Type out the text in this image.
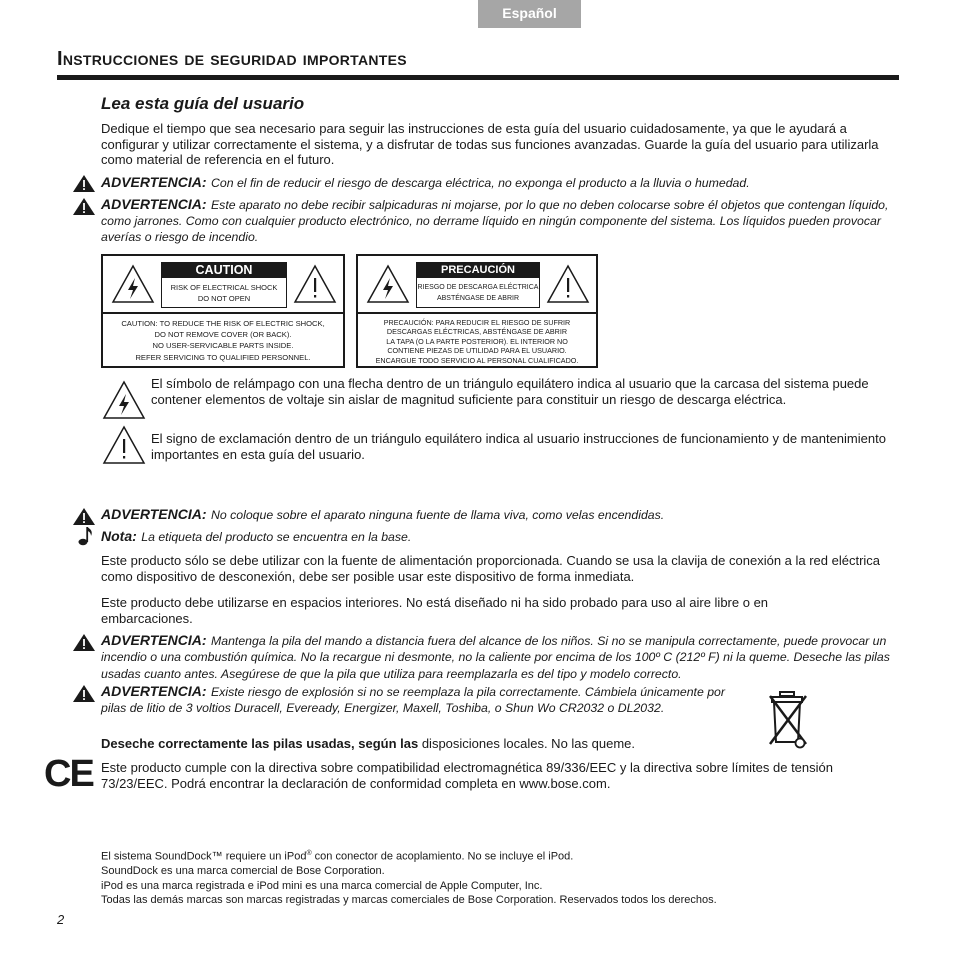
Español
Instrucciones de seguridad importantes
Lea esta guía del usuario
Dedique el tiempo que sea necesario para seguir las instrucciones de esta guía del usuario cuidadosamente, ya que le ayudará a configurar y utilizar correctamente el sistema, y a disfrutar de todas sus funciones avanzadas. Guarde la guía del usuario para utilizarla como material de referencia en el futuro.
ADVERTENCIA: Con el fin de reducir el riesgo de descarga eléctrica, no exponga el producto a la lluvia o humedad.
ADVERTENCIA: Este aparato no debe recibir salpicaduras ni mojarse, por lo que no deben colocarse sobre él objetos que contengan líquido, como jarrones. Como con cualquier producto electrónico, no derrame líquido en ningún componente del sistema. Los líquidos pueden provocar averías o riesgo de incendio.
CAUTION
RISK OF ELECTRICAL SHOCK
DO NOT OPEN
CAUTION: TO REDUCE THE RISK OF ELECTRIC SHOCK,
DO NOT REMOVE COVER (OR BACK).
NO USER-SERVICABLE PARTS INSIDE.
REFER SERVICING TO QUALIFIED PERSONNEL.
PRECAUCIÓN
RIESGO DE DESCARGA ELÉCTRICA
ABSTÉNGASE DE ABRIR
PRECAUCIÓN: PARA REDUCIR EL RIESGO DE SUFRIR
DESCARGAS ELÉCTRICAS, ABSTÉNGASE DE ABRIR
LA TAPA (O LA PARTE POSTERIOR). EL INTERIOR NO
CONTIENE PIEZAS DE UTILIDAD PARA EL USUARIO.
ENCARGUE TODO SERVICIO AL PERSONAL CUALIFICADO.
El símbolo de relámpago con una flecha dentro de un triángulo equilátero indica al usuario que la carcasa del sistema puede contener elementos de voltaje sin aislar de magnitud suficiente para constituir un riesgo de descarga eléctrica.
El signo de exclamación dentro de un triángulo equilátero indica al usuario instrucciones de funcionamiento y de mantenimiento importantes en esta guía del usuario.
ADVERTENCIA: No coloque sobre el aparato ninguna fuente de llama viva, como velas encendidas.
Nota: La etiqueta del producto se encuentra en la base.
Este producto sólo se debe utilizar con la fuente de alimentación proporcionada. Cuando se usa la clavija de conexión a la red eléctrica como dispositivo de desconexión, debe ser posible usar este dispositivo de forma inmediata.
Este producto debe utilizarse en espacios interiores. No está diseñado ni ha sido probado para uso al aire libre o en embarcaciones.
ADVERTENCIA: Mantenga la pila del mando a distancia fuera del alcance de los niños. Si no se manipula correctamente, puede provocar un incendio o una combustión química. No la recargue ni desmonte, no la caliente por encima de los 100º C (212º F) ni la queme. Deseche las pilas usadas cuanto antes. Asegúrese de que la pila que utiliza para reemplazarla es del tipo y modelo correcto.
ADVERTENCIA: Existe riesgo de explosión si no se reemplaza la pila correctamente. Cámbiela únicamente por pilas de litio de 3 voltios Duracell, Eveready, Energizer, Maxell, Toshiba, o Shun Wo CR2032 o DL2032.
Deseche correctamente las pilas usadas, según las disposiciones locales. No las queme.
CE Este producto cumple con la directiva sobre compatibilidad electromagnética 89/336/EEC y la directiva sobre límites de tensión 73/23/EEC. Podrá encontrar la declaración de conformidad completa en www.bose.com.
El sistema SoundDock™ requiere un iPod® con conector de acoplamiento. No se incluye el iPod.
SoundDock es una marca comercial de Bose Corporation.
iPod es una marca registrada e iPod mini es una marca comercial de Apple Computer, Inc.
Todas las demás marcas son marcas registradas y marcas comerciales de Bose Corporation. Reservados todos los derechos.
2
